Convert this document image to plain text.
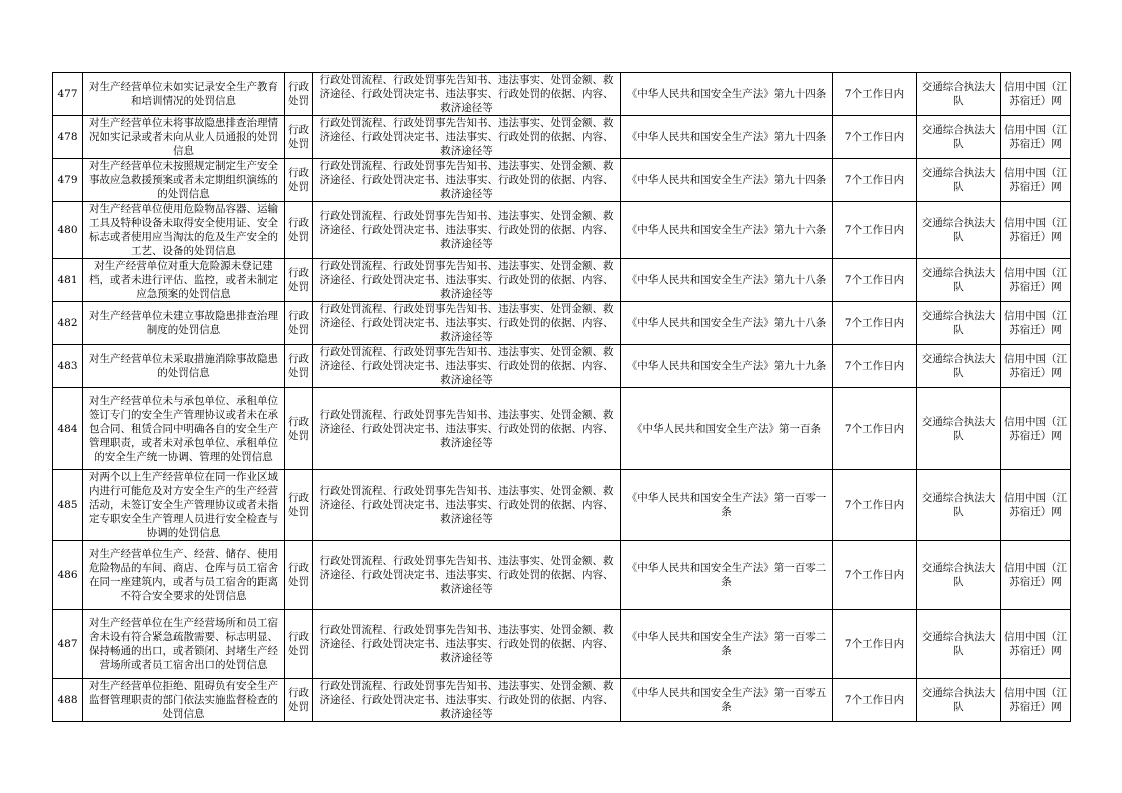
477	对生产经营单位未如实记录安全生产教育和培训情况的处罚信息	行政处罚	行政处罚流程、行政处罚事先告知书、违法事实、处罚金额、救济途径、行政处罚决定书、违法事实、行政处罚的依据、内容、救济途径等	《中华人民共和国安全生产法》第九十四条	7个工作日内	交通综合执法大队	信用中国（江苏宿迁）网
478	对生产经营单位未将事故隐患排查治理情况如实记录或者未向从业人员通报的处罚信息	行政处罚	行政处罚流程、行政处罚事先告知书、违法事实、处罚金额、救济途径、行政处罚决定书、违法事实、行政处罚的依据、内容、救济途径等	《中华人民共和国安全生产法》第九十四条	7个工作日内	交通综合执法大队	信用中国（江苏宿迁）网
479	对生产经营单位未按照规定制定生产安全事故应急救援预案或者未定期组织演练的的处罚信息	行政处罚	行政处罚流程、行政处罚事先告知书、违法事实、处罚金额、救济途径、行政处罚决定书、违法事实、行政处罚的依据、内容、救济途径等	《中华人民共和国安全生产法》第九十四条	7个工作日内	交通综合执法大队	信用中国（江苏宿迁）网
480	对生产经营单位使用危险物品容器、运输工具及特种设备未取得安全使用证、安全标志或者使用应当淘汰的危及生产安全的工艺、设备的处罚信息	行政处罚	行政处罚流程、行政处罚事先告知书、违法事实、处罚金额、救济途径、行政处罚决定书、违法事实、行政处罚的依据、内容、救济途径等	《中华人民共和国安全生产法》第九十六条	7个工作日内	交通综合执法大队	信用中国（江苏宿迁）网
481	对生产经营单位对重大危险源未登记建档，或者未进行评估、监控，或者未制定应急预案的处罚信息	行政处罚	行政处罚流程、行政处罚事先告知书、违法事实、处罚金额、救济途径、行政处罚决定书、违法事实、行政处罚的依据、内容、救济途径等	《中华人民共和国安全生产法》第九十八条	7个工作日内	交通综合执法大队	信用中国（江苏宿迁）网
482	对生产经营单位未建立事故隐患排查治理制度的处罚信息	行政处罚	行政处罚流程、行政处罚事先告知书、违法事实、处罚金额、救济途径、行政处罚决定书、违法事实、行政处罚的依据、内容、救济途径等	《中华人民共和国安全生产法》第九十八条	7个工作日内	交通综合执法大队	信用中国（江苏宿迁）网
483	对生产经营单位未采取措施消除事故隐患的处罚信息	行政处罚	行政处罚流程、行政处罚事先告知书、违法事实、处罚金额、救济途径、行政处罚决定书、违法事实、行政处罚的依据、内容、救济途径等	《中华人民共和国安全生产法》第九十九条	7个工作日内	交通综合执法大队	信用中国（江苏宿迁）网
484	对生产经营单位未与承包单位、承租单位签订专门的安全生产管理协议或者未在承包合同、租赁合同中明确各自的安全生产管理职责，或者未对承包单位、承租单位的安全生产统一协调、管理的处罚信息	行政处罚	行政处罚流程、行政处罚事先告知书、违法事实、处罚金额、救济途径、行政处罚决定书、违法事实、行政处罚的依据、内容、救济途径等	《中华人民共和国安全生产法》第一百条	7个工作日内	交通综合执法大队	信用中国（江苏宿迁）网
485	对两个以上生产经营单位在同一作业区域内进行可能危及对方安全生产的生产经营活动，未签订安全生产管理协议或者未指定专职安全生产管理人员进行安全检查与协调的处罚信息	行政处罚	行政处罚流程、行政处罚事先告知书、违法事实、处罚金额、救济途径、行政处罚决定书、违法事实、行政处罚的依据、内容、救济途径等	《中华人民共和国安全生产法》第一百零一条	7个工作日内	交通综合执法大队	信用中国（江苏宿迁）网
486	对生产经营单位生产、经营、储存、使用危险物品的车间、商店、仓库与员工宿舍在同一座建筑内，或者与员工宿舍的距离不符合安全要求的处罚信息	行政处罚	行政处罚流程、行政处罚事先告知书、违法事实、处罚金额、救济途径、行政处罚决定书、违法事实、行政处罚的依据、内容、救济途径等	《中华人民共和国安全生产法》第一百零二条	7个工作日内	交通综合执法大队	信用中国（江苏宿迁）网
487	对生产经营单位在生产经营场所和员工宿舍未设有符合紧急疏散需要、标志明显、保持畅通的出口，或者锁闭、封堵生产经营场所或者员工宿舍出口的处罚信息	行政处罚	行政处罚流程、行政处罚事先告知书、违法事实、处罚金额、救济途径、行政处罚决定书、违法事实、行政处罚的依据、内容、救济途径等	《中华人民共和国安全生产法》第一百零二条	7个工作日内	交通综合执法大队	信用中国（江苏宿迁）网
488	对生产经营单位拒绝、阻碍负有安全生产监督管理职责的部门依法实施监督检查的处罚信息	行政处罚	行政处罚流程、行政处罚事先告知书、违法事实、处罚金额、救济途径、行政处罚决定书、违法事实、行政处罚的依据、内容、救济途径等	《中华人民共和国安全生产法》第一百零五条	7个工作日内	交通综合执法大队	信用中国（江苏宿迁）网
